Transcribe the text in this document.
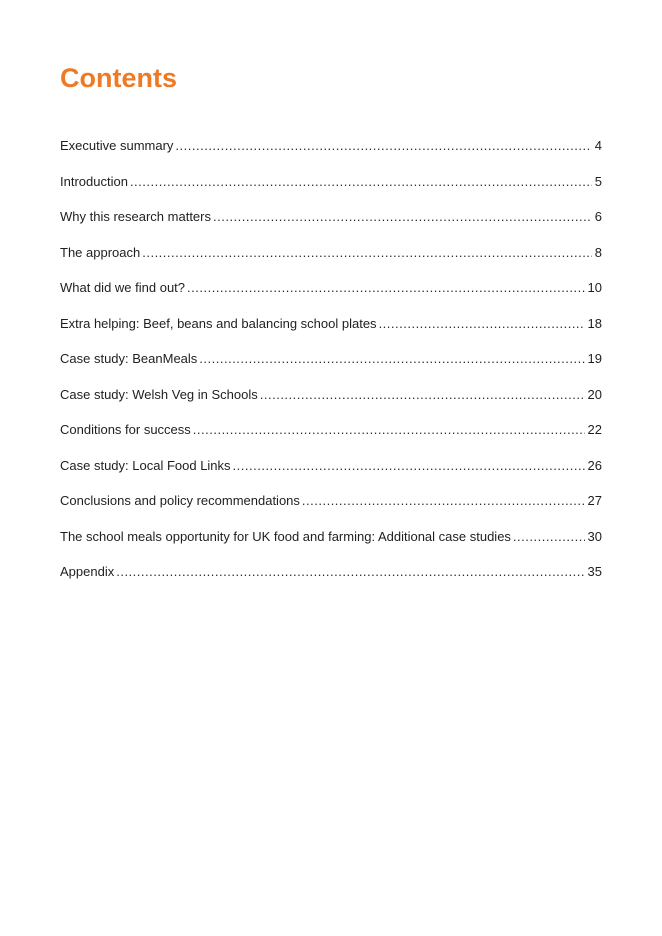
Contents
Executive summary .....	4
Introduction .....	5
Why this research matters .....	6
The approach .....	8
What did we find out? .....	10
Extra helping: Beef, beans and balancing school plates .....	18
Case study: BeanMeals .....	19
Case study: Welsh Veg in Schools .....	20
Conditions for success .....	22
Case study: Local Food Links .....	26
Conclusions and policy recommendations .....	27
The school meals opportunity for UK food and farming: Additional case studies .....	30
Appendix .....	35
